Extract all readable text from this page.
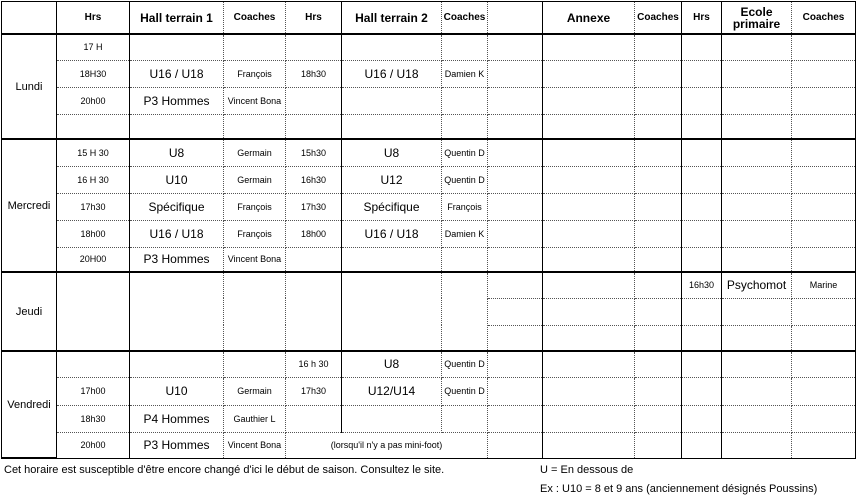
	Hrs	Hall terrain 1	Coaches	Hrs	Hall terrain 2	Coaches		Annexe	Coaches	Hrs	Ecole primaire	Coaches
Lundi	17 H											
	18H30	U16 / U18	François	18h30	U16 / U18	Damien K						
	20h00	P3 Hommes	Vincent Bona									

Mercredi	15 H 30	U8	Germain	15h30	U8	Quentin D						
	16 H 30	U10	Germain	16h30	U12	Quentin D						
	17h30	Spécifique	François	17h30	Spécifique	François						
	18h00	U16 / U18	François	18h00	U16 / U18	Damien K						
	20H00	P3 Hommes	Vincent Bona									
Jeudi										16h30	Psychomot	Marine

Vendredi				16 h 30	U8	Quentin D						
	17h00	U10	Germain	17h30	U12/U14	Quentin D						
	18h30	P4 Hommes	Gauthier L									
	20h00	P3 Hommes	Vincent Bona	(lorsqu'il n'y a pas mini-foot)								
Cet horaire est susceptible d'être encore changé d'ici le début de saison. Consultez le site.	U = En dessous de
Ex : U10 = 8 et 9 ans (anciennement désignés Poussins)
